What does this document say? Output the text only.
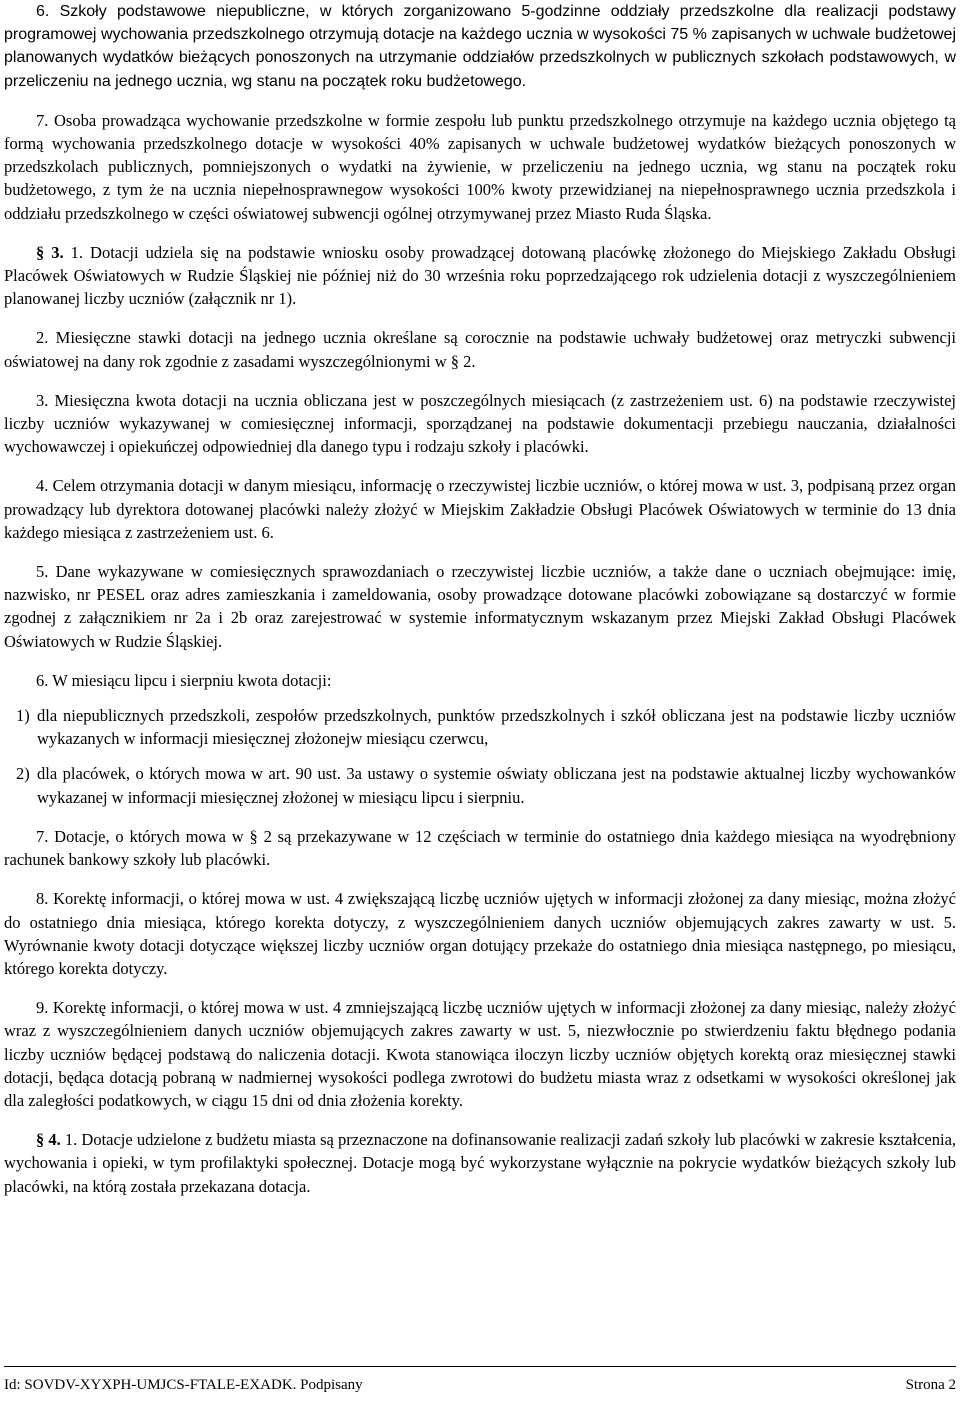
6. Szkoły podstawowe niepubliczne, w których zorganizowano 5-godzinne oddziały przedszkolne dla realizacji podstawy programowej wychowania przedszkolnego otrzymują dotacje na każdego ucznia w wysokości 75 % zapisanych w uchwale budżetowej planowanych wydatków bieżących ponoszonych na utrzymanie oddziałów przedszkolnych w publicznych szkołach podstawowych, w przeliczeniu na jednego ucznia, wg stanu na początek roku budżetowego.

7. Osoba prowadząca wychowanie przedszkolne w formie zespołu lub punktu przedszkolnego otrzymuje na każdego ucznia objętego tą formą wychowania przedszkolnego dotacje w wysokości 40% zapisanych w uchwale budżetowej wydatków bieżących ponoszonych w przedszkolach publicznych, pomniejszonych o wydatki na żywienie, w przeliczeniu na jednego ucznia, wg stanu na początek roku budżetowego, z tym że na ucznia niepełnosprawnegow wysokości 100% kwoty przewidzianej na niepełnosprawnego ucznia przedszkola i oddziału przedszkolnego w części oświatowej subwencji ogólnej otrzymywanej przez Miasto Ruda Śląska.

§ 3. 1. Dotacji udziela się na podstawie wniosku osoby prowadzącej dotowaną placówkę złożonego do Miejskiego Zakładu Obsługi Placówek Oświatowych w Rudzie Śląskiej nie później niż do 30 września roku poprzedzającego rok udzielenia dotacji z wyszczególnieniem planowanej liczby uczniów (załącznik nr 1).

2. Miesięczne stawki dotacji na jednego ucznia określane są corocznie na podstawie uchwały budżetowej oraz metryczki subwencji oświatowej na dany rok zgodnie z zasadami wyszczególnionymi w § 2.

3. Miesięczna kwota dotacji na ucznia obliczana jest w poszczególnych miesiącach (z zastrzeżeniem ust. 6) na podstawie rzeczywistej liczby uczniów wykazywanej w comiesięcznej informacji, sporządzanej na podstawie dokumentacji przebiegu nauczania, działalności wychowawczej i opiekuńczej odpowiedniej dla danego typu i rodzaju szkoły i placówki.

4. Celem otrzymania dotacji w danym miesiącu, informację o rzeczywistej liczbie uczniów, o której mowa w ust. 3, podpisaną przez organ prowadzący lub dyrektora dotowanej placówki należy złożyć w Miejskim Zakładzie Obsługi Placówek Oświatowych w terminie do 13 dnia każdego miesiąca z zastrzeżeniem ust. 6.

5. Dane wykazywane w comiesięcznych sprawozdaniach o rzeczywistej liczbie uczniów, a także dane o uczniach obejmujące: imię, nazwisko, nr PESEL oraz adres zamieszkania i zameldowania, osoby prowadzące dotowane placówki zobowiązane są dostarczyć w formie zgodnej z załącznikiem nr 2a i 2b oraz zarejestrować w systemie informatycznym wskazanym przez Miejski Zakład Obsługi Placówek Oświatowych w Rudzie Śląskiej.

6. W miesiącu lipcu i sierpniu kwota dotacji:

1) dla niepublicznych przedszkoli, zespołów przedszkolnych, punktów przedszkolnych i szkół obliczana jest na podstawie liczby uczniów wykazanych w informacji miesięcznej złożonejw miesiącu czerwcu,

2) dla placówek, o których mowa w art. 90 ust. 3a ustawy o systemie oświaty obliczana jest na podstawie aktualnej liczby wychowanków wykazanej w informacji miesięcznej złożonej w miesiącu lipcu i sierpniu.

7. Dotacje, o których mowa w § 2 są przekazywane w 12 częściach w terminie do ostatniego dnia każdego miesiąca na wyodrębniony rachunek bankowy szkoły lub placówki.

8. Korektę informacji, o której mowa w ust. 4 zwiększającą liczbę uczniów ujętych w informacji złożonej za dany miesiąc, można złożyć do ostatniego dnia miesiąca, którego korekta dotyczy, z wyszczególnieniem danych uczniów objemujących zakres zawarty w ust. 5. Wyrównanie kwoty dotacji dotyczące większej liczby uczniów organ dotujący przekaże do ostatniego dnia miesiąca następnego, po miesiącu, którego korekta dotyczy.

9. Korektę informacji, o której mowa w ust. 4 zmniejszającą liczbę uczniów ujętych w informacji złożonej za dany miesiąc, należy złożyć wraz z wyszczególnieniem danych uczniów objemujących zakres zawarty w ust. 5, niezwłocznie po stwierdzeniu faktu błędnego podania liczby uczniów będącej podstawą do naliczenia dotacji. Kwota stanowiąca iloczyn liczby uczniów objętych korektą oraz miesięcznej stawki dotacji, będąca dotacją pobraną w nadmiernej wysokości podlega zwrotowi do budżetu miasta wraz z odsetkami w wysokości określonej jak dla zaległości podatkowych, w ciągu 15 dni od dnia złożenia korekty.

§ 4. 1. Dotacje udzielone z budżetu miasta są przeznaczone na dofinansowanie realizacji zadań szkoły lub placówki w zakresie kształcenia, wychowania i opieki, w tym profilaktyki społecznej. Dotacje mogą być wykorzystane wyłącznie na pokrycie wydatków bieżących szkoły lub placówki, na którą została przekazana dotacja.

Id: SOVDV-XYXPH-UMJCS-FTALE-EXADK. Podpisany	Strona 2
